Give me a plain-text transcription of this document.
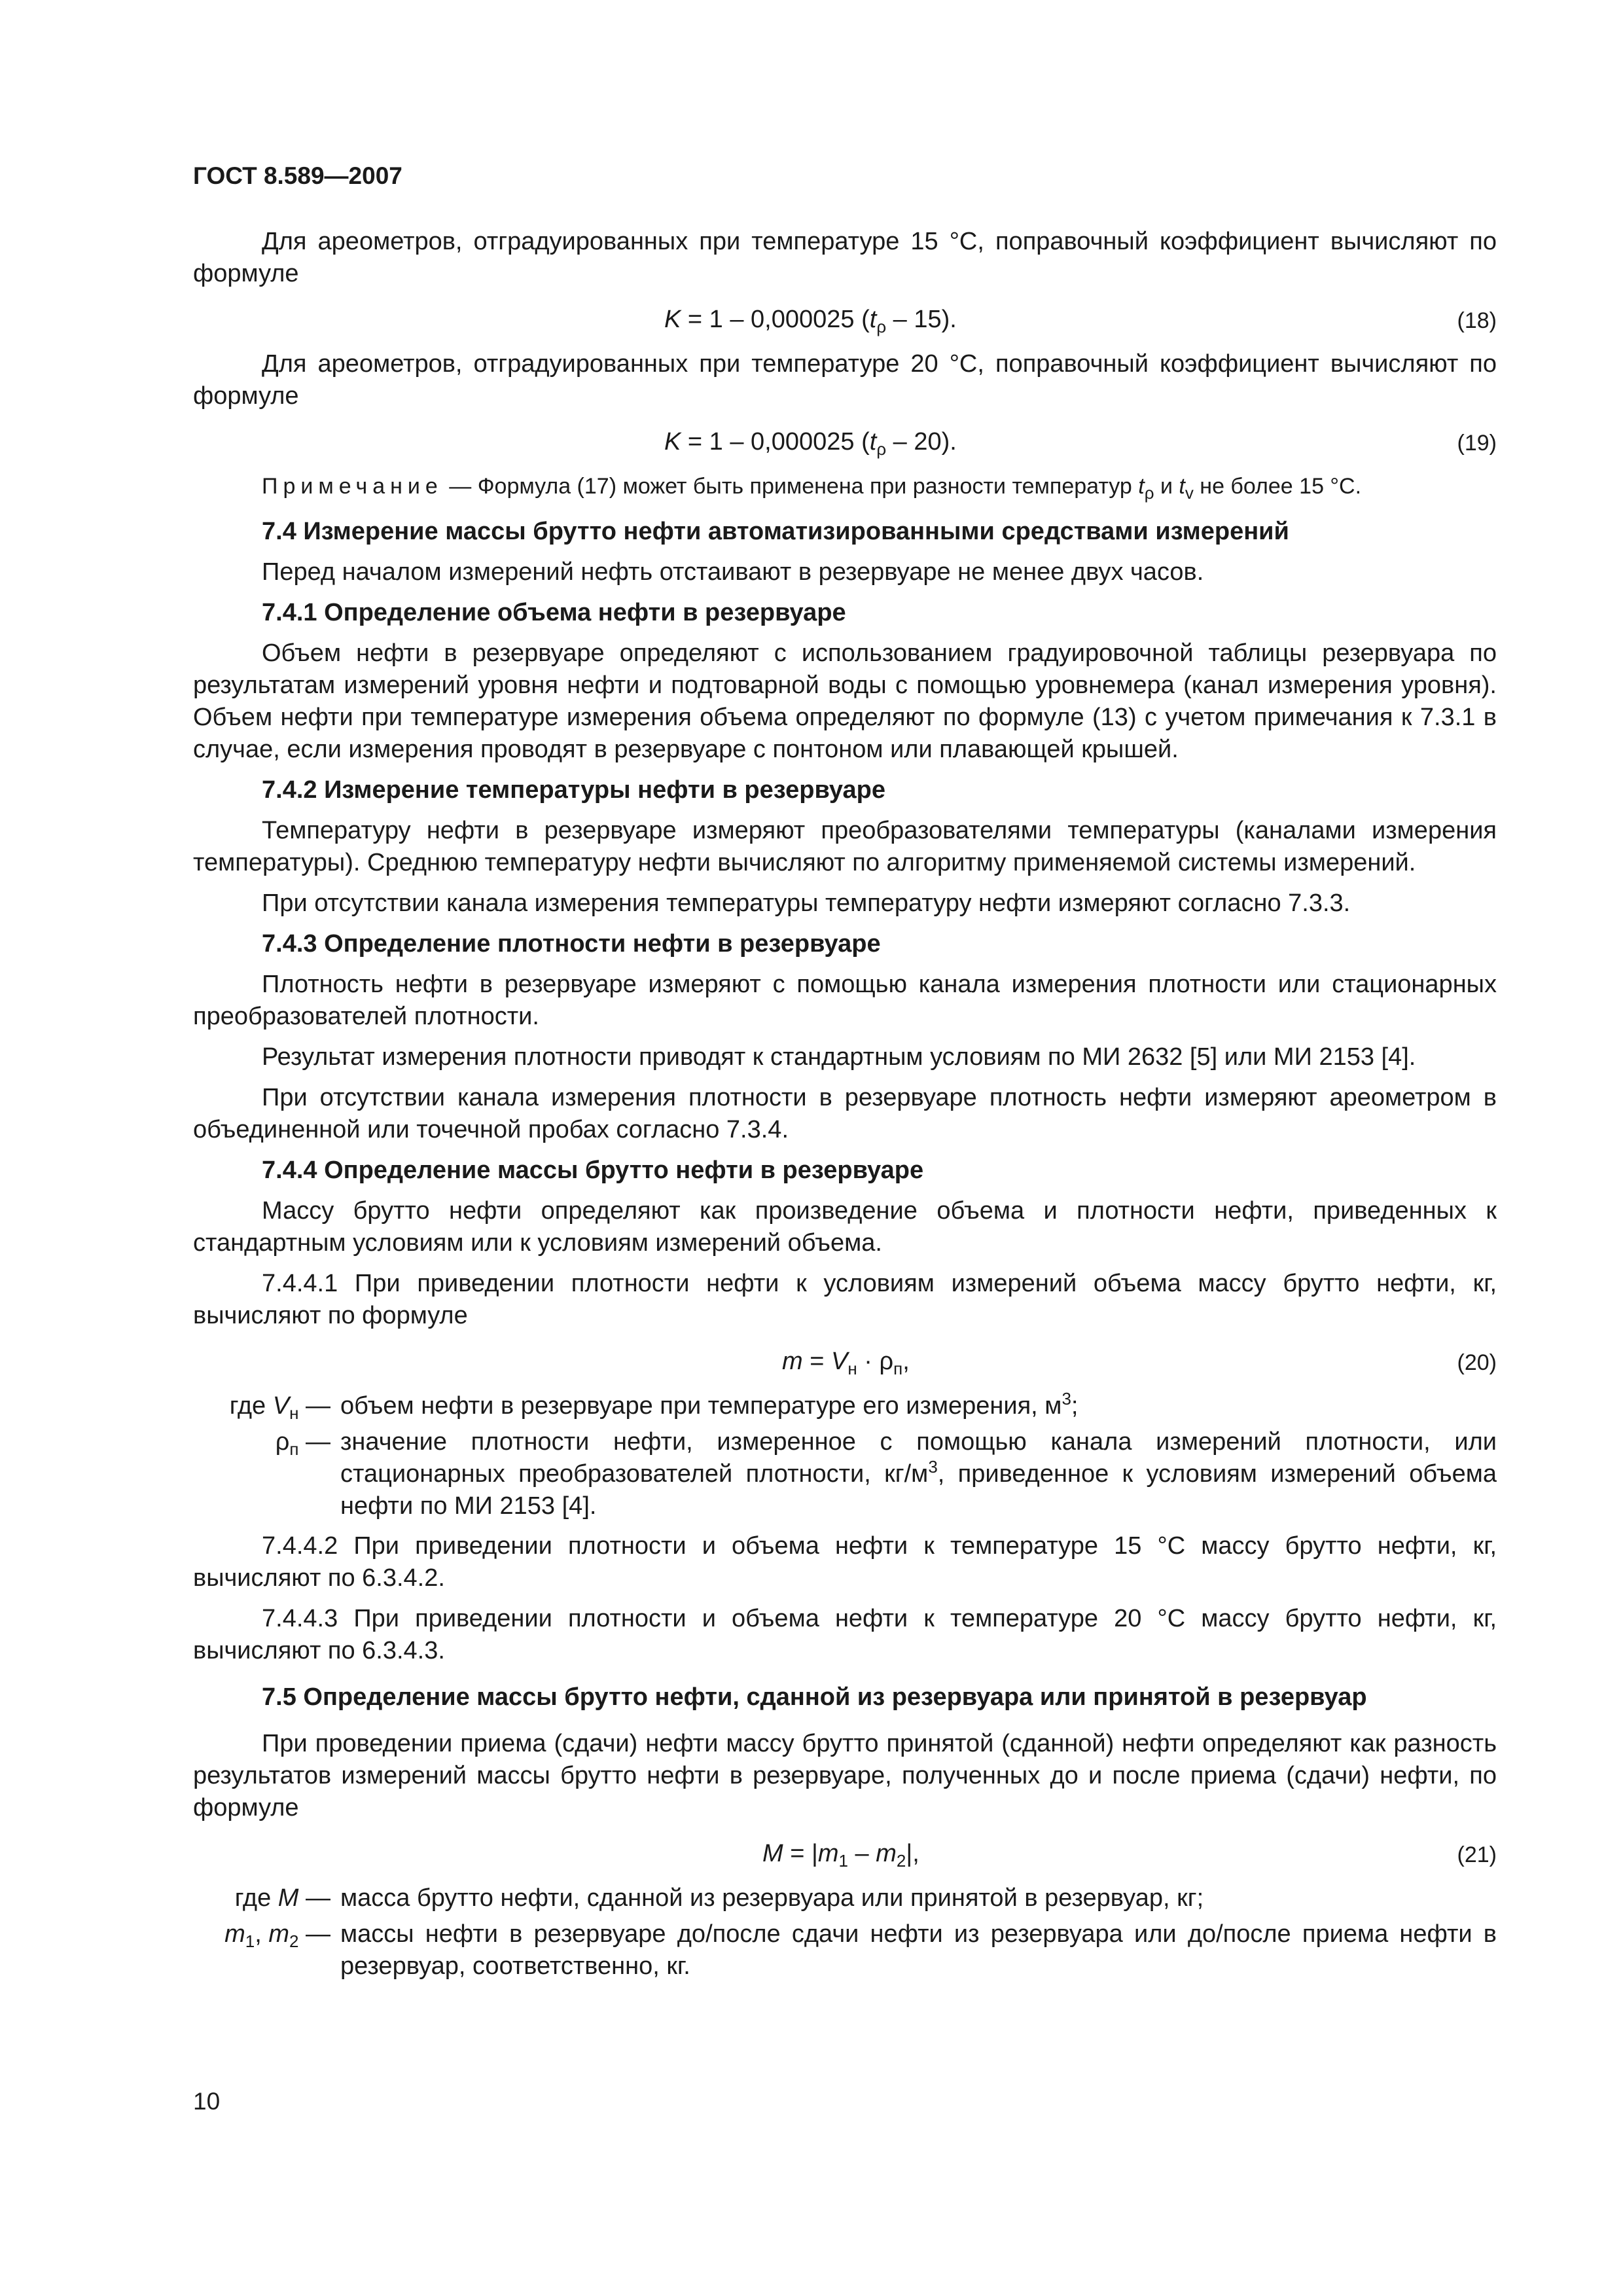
ГОСТ 8.589—2007

Для ареометров, отградуированных при температуре 15 °С, поправочный коэффициент вычисляют по формуле

K = 1 – 0,000025 $(t_\rho - 15)$.	(18)

Для ареометров, отградуированных при температуре 20 °С, поправочный коэффициент вычисляют по формуле

K = 1 – 0,000025 $(t_\rho - 20)$.	(19)

Примечание — Формула (17) может быть применена при разности температур $t_\rho$ и $t_v$ не более 15 °С.

7.4 Измерение массы брутто нефти автоматизированными средствами измерений

Перед началом измерений нефть отстаивают в резервуаре не менее двух часов.

7.4.1 Определение объема нефти в резервуаре

Объем нефти в резервуаре определяют с использованием градуировочной таблицы резервуара по результатам измерений уровня нефти и подтоварной воды с помощью уровнемера (канал измерения уровня). Объем нефти при температуре измерения объема определяют по формуле (13) с учетом примечания к 7.3.1 в случае, если измерения проводят в резервуаре с понтоном или плавающей крышей.

7.4.2 Измерение температуры нефти в резервуаре

Температуру нефти в резервуаре измеряют преобразователями температуры (каналами измерения температуры). Среднюю температуру нефти вычисляют по алгоритму применяемой системы измерений.

При отсутствии канала измерения температуры температуру нефти измеряют согласно 7.3.3.

7.4.3 Определение плотности нефти в резервуаре

Плотность нефти в резервуаре измеряют с помощью канала измерения плотности или стационарных преобразователей плотности.

Результат измерения плотности приводят к стандартным условиям по МИ 2632 [5] или МИ 2153 [4].

При отсутствии канала измерения плотности в резервуаре плотность нефти измеряют ареометром в объединенной или точечной пробах согласно 7.3.4.

7.4.4 Определение массы брутто нефти в резервуаре

Массу брутто нефти определяют как произведение объема и плотности нефти, приведенных к стандартным условиям или к условиям измерений объема.

7.4.4.1 При приведении плотности нефти к условиям измерений объема массу брутто нефти, кг, вычисляют по формуле

$m = V_н \cdot \rho_п$,	(20)
где $V_н$ — объем нефти в резервуаре при температуре его измерения, $м^3$;
$\rho_п$ — значение плотности нефти, измеренное с помощью канала измерений плотности, или стационарных преобразователей плотности, $кг/м^3$, приведенное к условиям измерений объема нефти по МИ 2153 [4].

7.4.4.2 При приведении плотности и объема нефти к температуре 15 °С массу брутто нефти, кг, вычисляют по 6.3.4.2.

7.4.4.3 При приведении плотности и объема нефти к температуре 20 °С массу брутто нефти, кг, вычисляют по 6.3.4.3.

7.5 Определение массы брутто нефти, сданной из резервуара или принятой в резервуар

При проведении приема (сдачи) нефти массу брутто принятой (сданной) нефти определяют как разность результатов измерений массы брутто нефти в резервуаре, полученных до и после приема (сдачи) нефти, по формуле

$M = |m_1 - m_2|$,	(21)
где M — масса брутто нефти, сданной из резервуара или принятой в резервуар, кг;
$m_1$, $m_2$ — массы нефти в резервуаре до/после сдачи нефти из резервуара или до/после приема нефти в резервуар, соответственно, кг.

10
